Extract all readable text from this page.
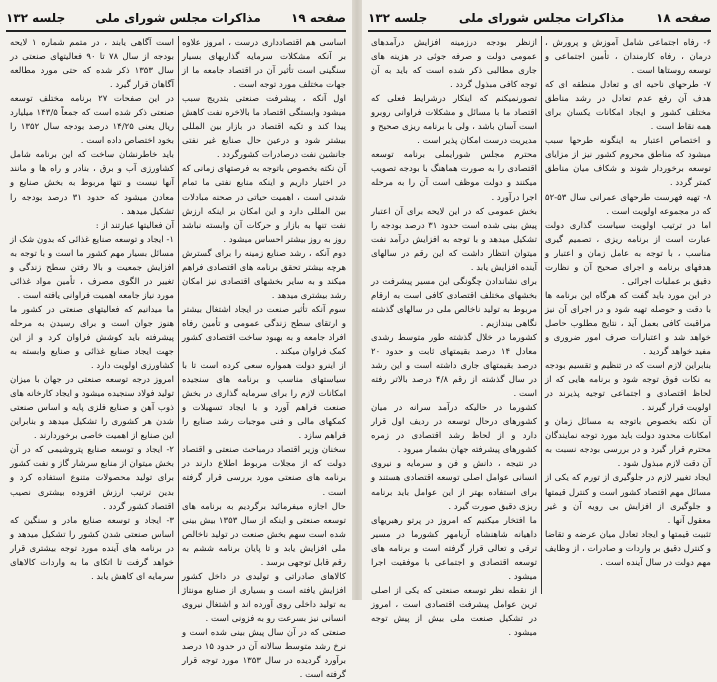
صفحه ۱۹
مذاکرات مجلس شورای ملی
جلسه ۱۳۲

اساسی هم اقتصادداری درست ، امروز علاوه بر آنکه مشکلات سرمایه گذاریهای بسیار سنگینی است تأثیر آن در اقتصاد جامعه ما از جهات مختلف مورد توجه است .

اول آنکه ، پیشرفت صنعتی بتدریج سبب میشود وابستگی اقتصاد ما بالاخره نفت کاهش پیدا کند و تکیه اقتصاد در بازار بین المللی بیشتر شود و درعین حال صنایع غیر نفتی جانشین نفت درصادرات کشورگردد .

آن نکته بخصوص باتوجه به فرصتهای زمانی که در اختیار داریم و اینکه منابع نفتی ما تمام شدنی است ، اهمیت حیاتی در صحنه مبادلات بین المللی دارد و این امکان بر اینکه ارزش نفت تنها به بازار و حرکات آن وابسته نباشد روز به روز بیشتر احساس میشود .

دوم آنکه ، رشد صنایع زمینه را برای گسترش هرچه بیشتر تحقق برنامه های اقتصادی فراهم میکند و به سایر بخشهای اقتصادی نیز امکان رشد بیشتری میدهد .

سوم آنکه تأثیر صنعت در ایجاد اشتغال بیشتر و ارتقای سطح زندگی عمومی و تأمین رفاه افراد جامعه و به بهبود ساخت اقتصادی کشور کمک فراوان میکند .

از اینرو دولت همواره سعی کرده است تا با سیاستهای مناسب و برنامه های سنجیده امکانات لازم را برای سرمایه گذاری در بخش صنعت فراهم آورد و با ایجاد تسهیلات و کمکهای مالی و فنی موجبات رشد صنایع را فراهم سازد .

سخنان وزیر اقتصاد درمباحث صنعتی و اقتصاد دولت که از مجلات مربوط اطلاع دارند در برنامه های صنعتی مورد بررسی قرار گرفته است .

حال اجازه میفرمائید برگردیم به برنامه های توسعه صنعتی و اینکه از سال ۱۳۵۳ بیش بینی شده است سهم بخش صنعت در تولید ناخالص ملی افزایش یابد و تا پایان برنامه ششم به رقم قابل توجهی برسد .

کالاهای صادراتی و تولیدی در داخل کشور افزایش یافته است و بسیاری از صنایع مونتاژ به تولید داخلی روی آورده اند و اشتغال نیروی انسانی نیز بسرعت رو به فزونی است .

صنعتی که در آن سال پیش بینی شده است و نرخ رشد متوسط سالانه آن در حدود ۱۵ درصد برآورد گردیده در سال ۱۳۵۳ مورد توجه قرار گرفته است .

است آگاهی یابند ، در متمم شماره ۱ لایحه بودجه از سال ۷۸ تا ۹۰ فعالیتهای صنعتی در سال ۱۳۵۳ ذکر شده که حتی مورد مطالعه آگاهان قرار گیرد .

در این صفحات ۲۷ برنامه مختلف توسعه صنعتی ذکر شده است که جمعاً ۱۴۳/۵ میلیارد ریال یعنی ۱۴/۲۵ درصد بودجه سال ۱۳۵۲ را بخود اختصاص داده است .

باید خاطرنشان ساخت که این برنامه شامل کشاورزی آب و برق ، بنادر و راه ها و مانند آنها نیست و تنها مربوط به بخش صنایع و معادن میشود که حدود ۳۱ درصد بودجه را تشکیل میدهد .

آن فعالیتها عبارتند از :

۱- ایجاد و توسعه صنایع غذائی که بدون شک از مسائل بسیار مهم کشور ما است و با توجه به افزایش جمعیت و بالا رفتن سطح زندگی و تغییر در الگوی مصرف ، تأمین مواد غذائی مورد نیاز جامعه اهمیت فراوانی یافته است .

ما میدانیم که فعالیتهای صنعتی در کشور ما هنوز جوان است و برای رسیدن به مرحله پیشرفته باید کوشش فراوان کرد و از این جهت ایجاد صنایع غذائی و صنایع وابسته به کشاورزی اولویت دارد .

امروز درجه توسعه صنعتی در جهان با میزان تولید فولاد سنجیده میشود و ایجاد کارخانه های ذوب آهن و صنایع فلزی پایه و اساس صنعتی شدن هر کشوری را تشکیل میدهد و بنابراین این صنایع از اهمیت خاصی برخوردارند .

۲- ایجاد و توسعه صنایع پتروشیمی که در آن بخش میتوان از منابع سرشار گاز و نفت کشور برای تولید محصولات متنوع استفاده کرد و بدین ترتیب ارزش افزوده بیشتری نصیب اقتصاد کشور گردد .

۳- ایجاد و توسعه صنایع مادر و سنگین که اساس صنعتی شدن کشور را تشکیل میدهد و در برنامه های آینده مورد توجه بیشتری قرار خواهد گرفت تا اتکای ما به واردات کالاهای سرمایه ای کاهش یابد .

صفحه ۱۸
مذاکرات مجلس شورای ملی
جلسه ۱۳۲

۶- رفاه اجتماعی شامل آموزش و پرورش ، درمان ، رفاه کارمندان ، تأمین اجتماعی و توسعه روستاها است .

۷- طرحهای ناحیه ای و تعادل منطقه ای که هدف آن رفع عدم تعادل در رشد مناطق مختلف کشور و ایجاد امکانات یکسان برای همه نقاط است .

و اختصاص اعتبار به اینگونه طرحها سبب میشود که مناطق محروم کشور نیز از مزایای توسعه برخوردار شوند و شکاف میان مناطق کمتر گردد .

۸- تهیه فهرست طرحهای عمرانی سال ۵۳-۵۲ که در مجموعه اولویت است .

اما در ترتیب اولویت سیاست گذاری دولت عبارت است از برنامه ریزی ، تصمیم گیری مناسب ، با توجه به عامل زمان و اعتبار و هدفهای برنامه و اجرای صحیح آن و نظارت دقیق بر عملیات اجرائی .

در این مورد باید گفت که هرگاه این برنامه ها با دقت و حوصله تهیه شود و در اجرای آن نیز مراقبت کافی بعمل آید ، نتایج مطلوب حاصل خواهد شد و اعتبارات صرف امور ضروری و مفید خواهد گردید .

بنابراین لازم است که در تنظیم و تقسیم بودجه به نکات فوق توجه شود و برنامه هایی که از لحاظ اقتصادی و اجتماعی توجیه پذیرند در اولویت قرار گیرند .

آن نکته بخصوص باتوجه به مسائل زمان و امکانات محدود دولت باید مورد توجه نمایندگان محترم قرار گیرد و در بررسی بودجه نسبت به آن دقت لازم مبذول شود .

ایجاد تغییر لازم در جلوگیری از تورم که یکی از مسائل مهم اقتصاد کشور است و کنترل قیمتها و جلوگیری از افزایش بی رویه آن و غیر معقول آنها .

تثبیت قیمتها و ایجاد تعادل میان عرضه و تقاضا و کنترل دقیق بر واردات و صادرات ، از وظایف مهم دولت در سال آینده است .

ازنظر بودجه درزمینه افزایش درآمدهای عمومی دولت و صرفه جوئی در هزینه های جاری مطالبی ذکر شده است که باید به آن توجه کافی مبذول گردد .

تصورنمیکنم که اینکار درشرایط فعلی که اقتصاد ما با مسائل و مشکلات فراوانی روبرو است آسان باشد ، ولی با برنامه ریزی صحیح و مدیریت درست امکان پذیر است .

محترم مجلس شورایملی برنامه توسعه اقتصادی را به صورت هماهنگ با بودجه تصویب میکنند و دولت موظف است آن را به مرحله اجرا درآورد .

بخش عمومی که در این لایحه برای آن اعتبار پیش بینی شده است حدود ۳۱ درصد بودجه را تشکیل میدهد و با توجه به افزایش درآمد نفت میتوان انتظار داشت که این رقم در سالهای آینده افزایش یابد .

برای نشاندادن چگونگی این مسیر پیشرفت در بخشهای مختلف اقتصادی کافی است به ارقام مربوط به تولید ناخالص ملی در سالهای گذشته نگاهی بیندازیم .

کشورما در خلال گذشته طور متوسط رشدی معادل ۱۴ درصد بقیمتهای ثابت و حدود ۲۰ درصد بقیمتهای جاری داشته است و این رشد در سال گذشته از رقم ۴/۸ درصد بالاتر رفته است .

کشورما در حالیکه درآمد سرانه در میان کشورهای درحال توسعه در ردیف اول قرار دارد و از لحاظ رشد اقتصادی در زمره کشورهای پیشرفته جهان بشمار میرود .

در نتیجه ، دانش و فن و سرمایه و نیروی انسانی عوامل اصلی توسعه اقتصادی هستند و برای استفاده بهتر از این عوامل باید برنامه ریزی دقیق صورت گیرد .

ما افتخار میکنیم که امروز در پرتو رهبریهای داهیانه شاهنشاه آریامهر کشورما در مسیر ترقی و تعالی قرار گرفته است و برنامه های توسعه اقتصادی و اجتماعی با موفقیت اجرا میشود .

از نقطه نظر توسعه صنعتی که یکی از اصلی ترین عوامل پیشرفت اقتصادی است ، امروز در تشکیل صنعت ملی بیش از پیش توجه میشود .
